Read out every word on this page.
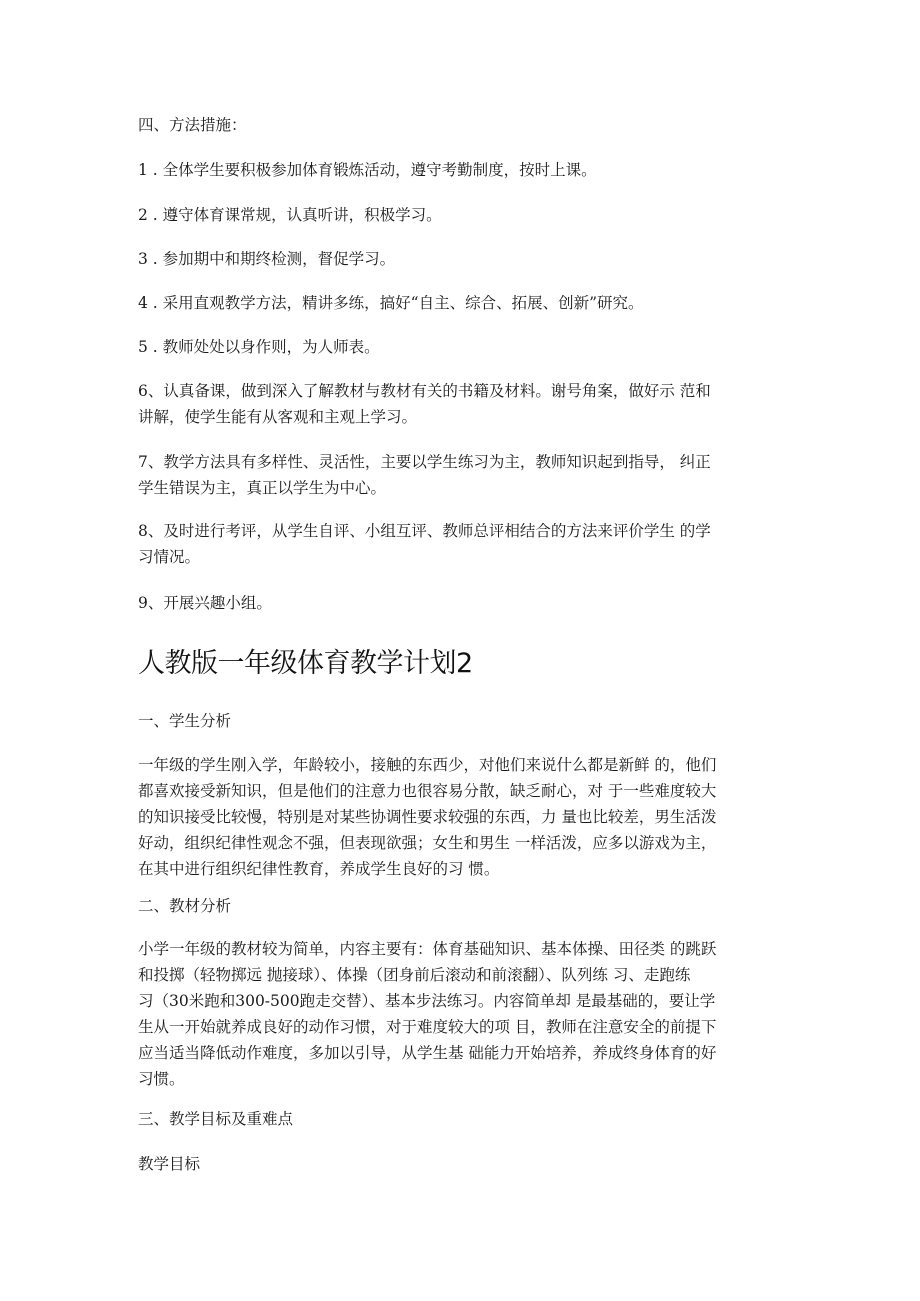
四、方法措施：
1 . 全体学生要积极参加体育锻炼活动，遵守考勤制度，按时上课。
2 . 遵守体育课常规，认真听讲，积极学习。
3 . 参加期中和期终检测，督促学习。
4 . 采用直观教学方法，精讲多练，搞好“自主、综合、拓展、创新”研究。
5 . 教师处处以身作则，为人师表。
6、认真备课，做到深入了解教材与教材有关的书籍及材料。谢号角案，做好示 范和
讲解，使学生能有从客观和主观上学习。
7、教学方法具有多样性、灵活性，主要以学生练习为主，教师知识起到指导， 纠正
学生错误为主，真正以学生为中心。
8、及时进行考评，从学生自评、小组互评、教师总评相结合的方法来评价学生 的学
习情况。
9、开展兴趣小组。
人教版一年级体育教学计划2
一、学生分析
一年级的学生刚入学，年龄较小，接触的东西少，对他们来说什么都是新鲜 的，他们
都喜欢接受新知识，但是他们的注意力也很容易分散，缺乏耐心，对 于一些难度较大
的知识接受比较慢，特别是对某些协调性要求较强的东西，力 量也比较差，男生活泼
好动，组织纪律性观念不强，但表现欲强；女生和男生 一样活泼，应多以游戏为主，
在其中进行组织纪律性教育，养成学生良好的习 惯。
二、教材分析
小学一年级的教材较为简单，内容主要有：体育基础知识、基本体操、田径类 的跳跃
和投掷（轻物掷远 抛接球）、体操（团身前后滚动和前滚翻）、队列练 习、走跑练
习（30米跑和300-500跑走交替）、基本步法练习。内容简单却 是最基础的，要让学
生从一开始就养成良好的动作习惯，对于难度较大的项 目，教师在注意安全的前提下
应当适当降低动作难度，多加以引导，从学生基 础能力开始培养，养成终身体育的好
习惯。
三、教学目标及重难点
教学目标
